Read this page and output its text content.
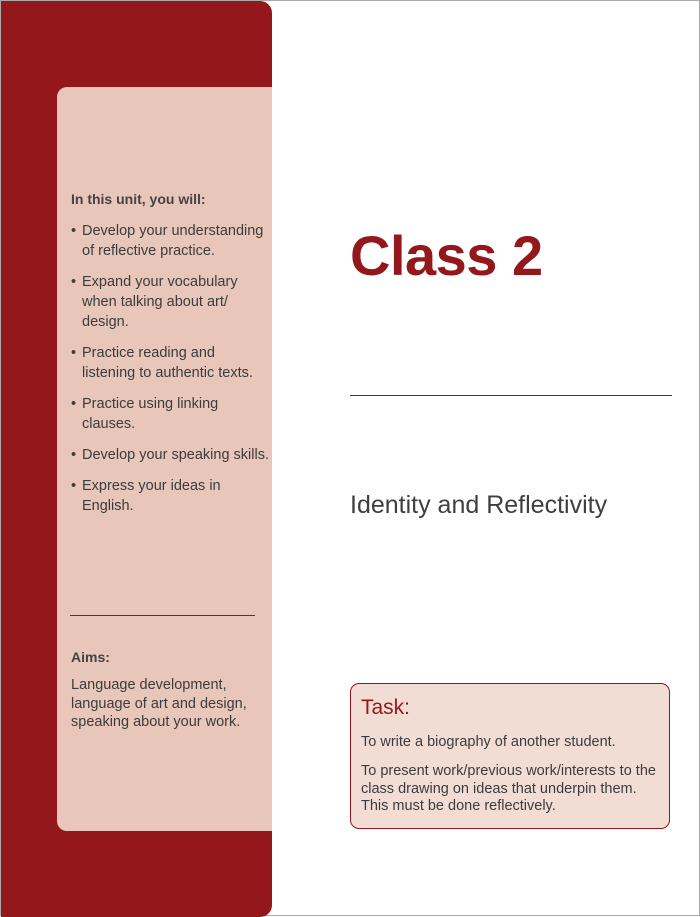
In this unit, you will:
• Develop your understanding of reflective practice.
• Expand your vocabulary when talking about art/ design.
• Practice reading and listening to authentic texts.
• Practice using linking clauses.
• Develop your speaking skills.
• Express your ideas in English.
Aims:
Language development, language of art and design, speaking about your work.
Class 2
Identity and Reflectivity
Task:
To write a biography of another student.
To present work/previous work/interests to the class drawing on ideas that underpin them. This must be done reflectively.
